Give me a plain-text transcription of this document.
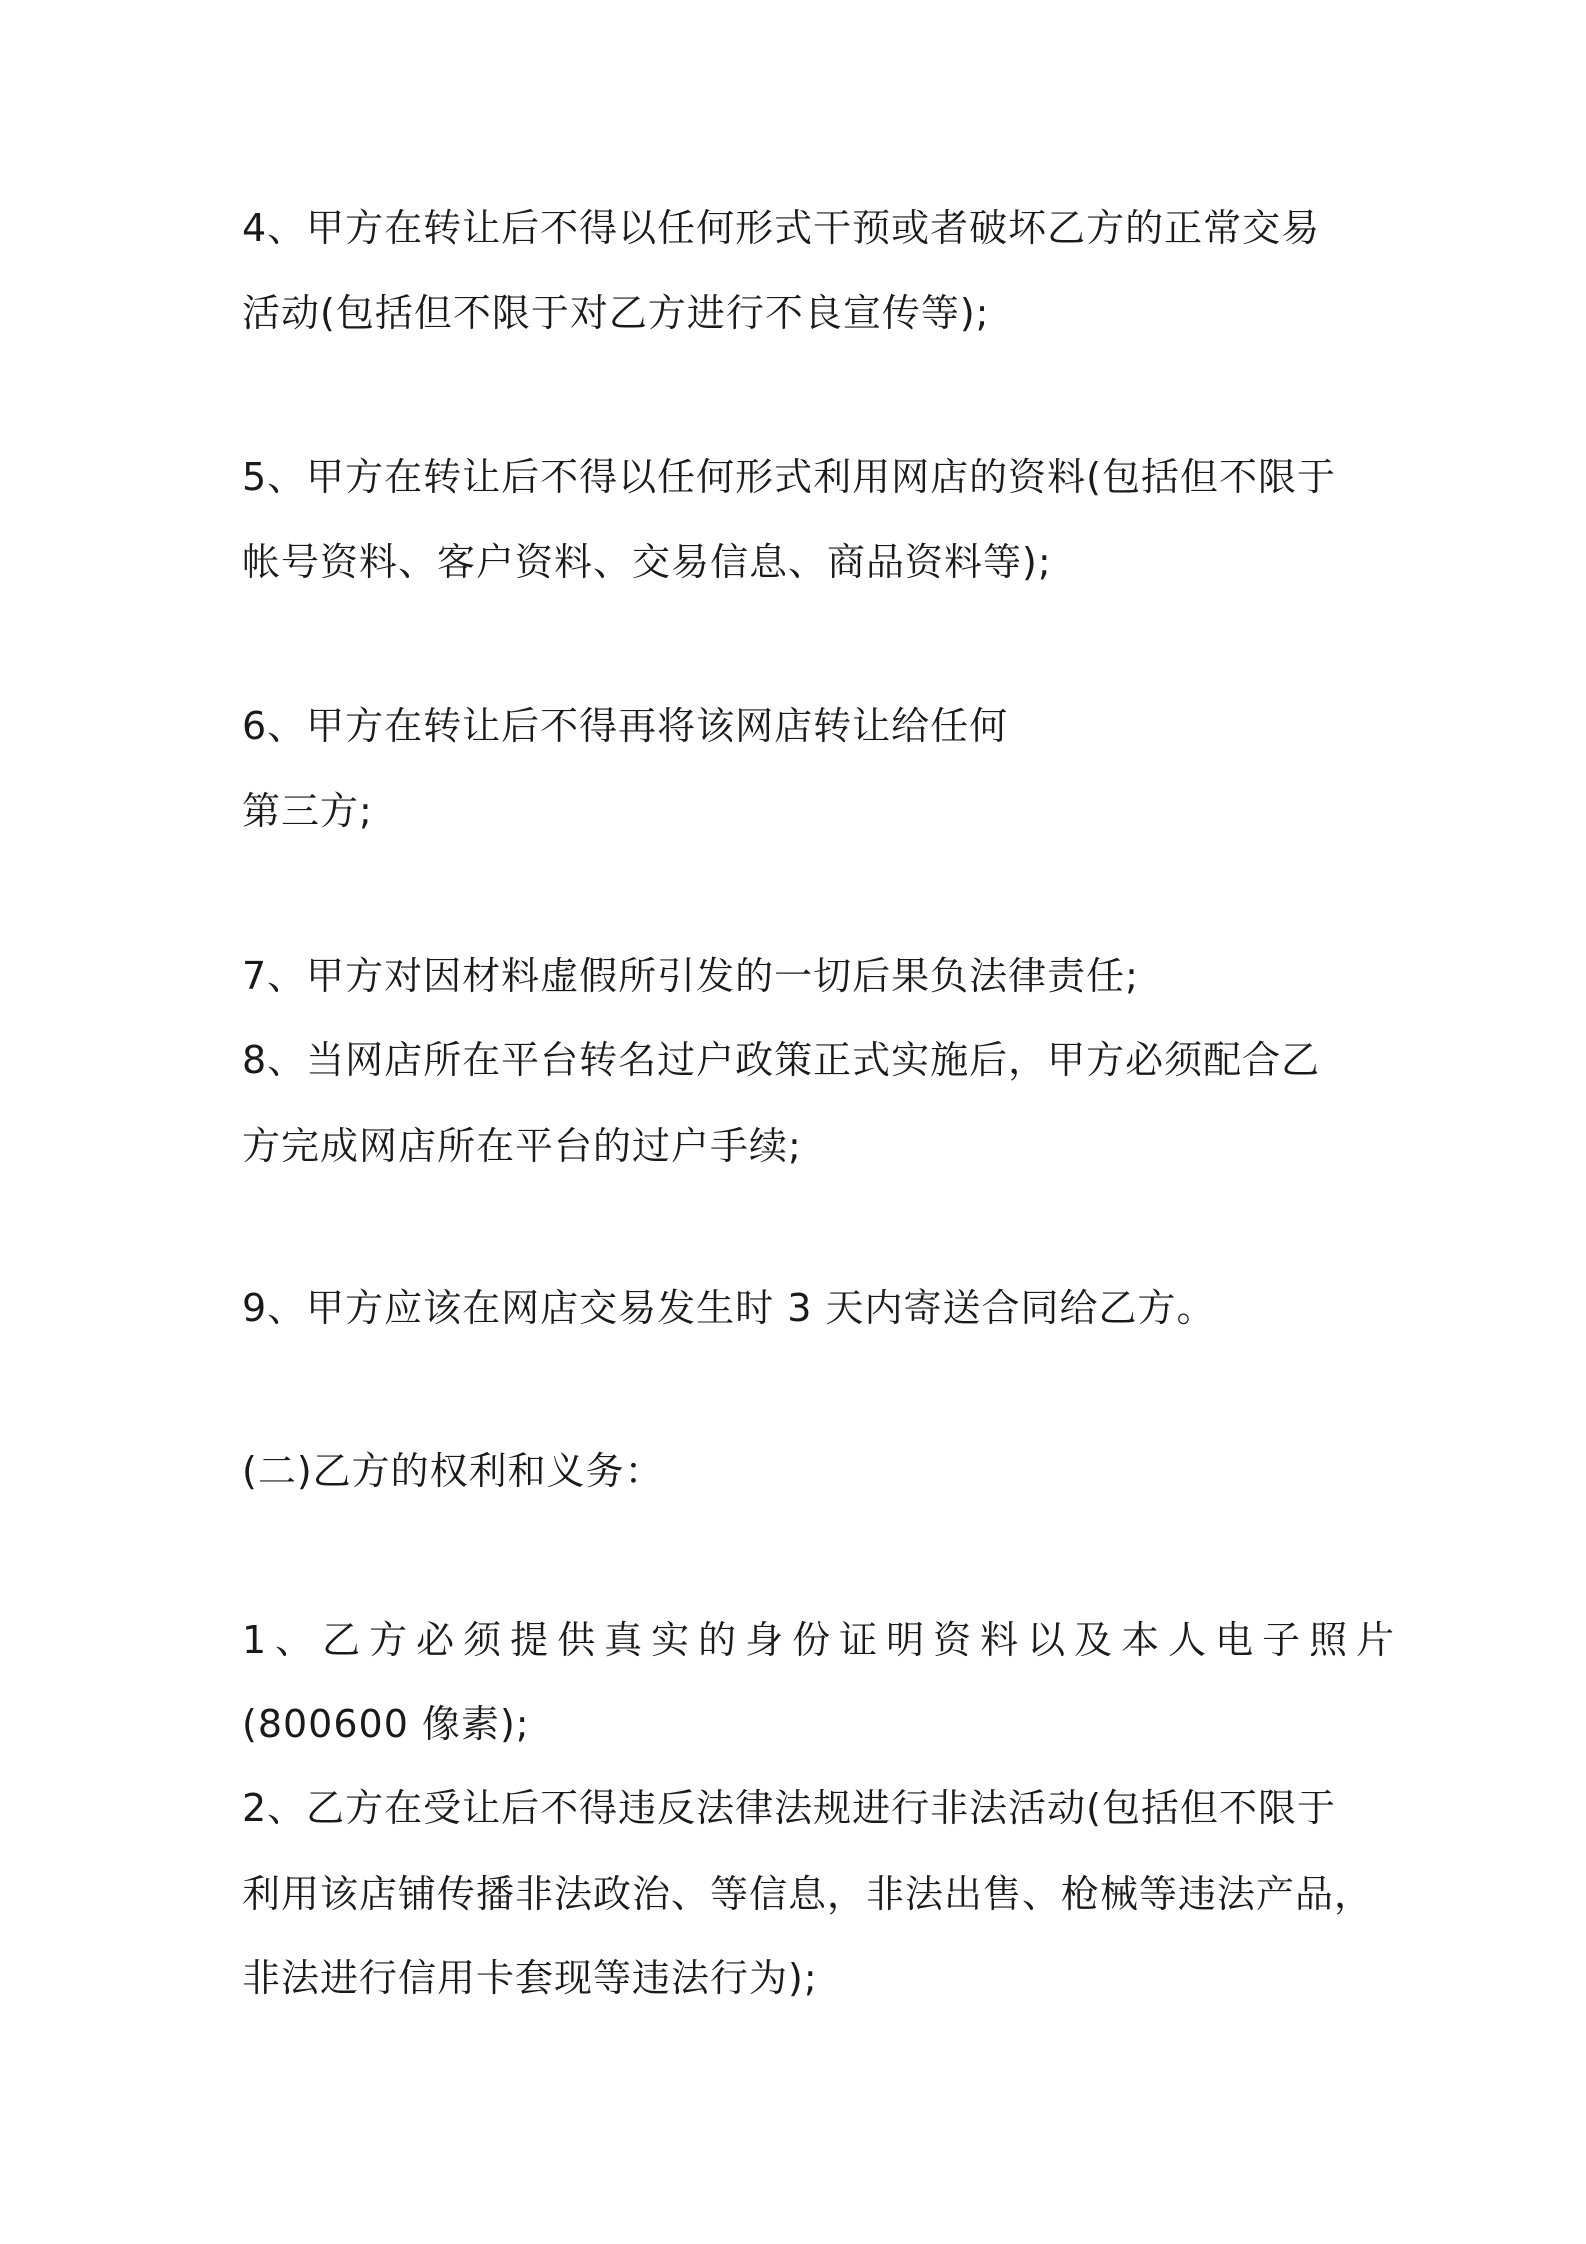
4、甲方在转让后不得以任何形式干预或者破坏乙方的正常交易
活动(包括但不限于对乙方进行不良宣传等);
5、甲方在转让后不得以任何形式利用网店的资料(包括但不限于
帐号资料、客户资料、交易信息、商品资料等);
6、甲方在转让后不得再将该网店转让给任何
第三方;
7、甲方对因材料虚假所引发的一切后果负法律责任;
8、当网店所在平台转名过户政策正式实施后，甲方必须配合乙
方完成网店所在平台的过户手续;
9、甲方应该在网店交易发生时 3 天内寄送合同给乙方。
(二)乙方的权利和义务：
1、乙方必须提供真实的身份证明资料以及本人电子照片
(800600 像素);
2、乙方在受让后不得违反法律法规进行非法活动(包括但不限于
利用该店铺传播非法政治、等信息，非法出售、枪械等违法产品，
非法进行信用卡套现等违法行为);
